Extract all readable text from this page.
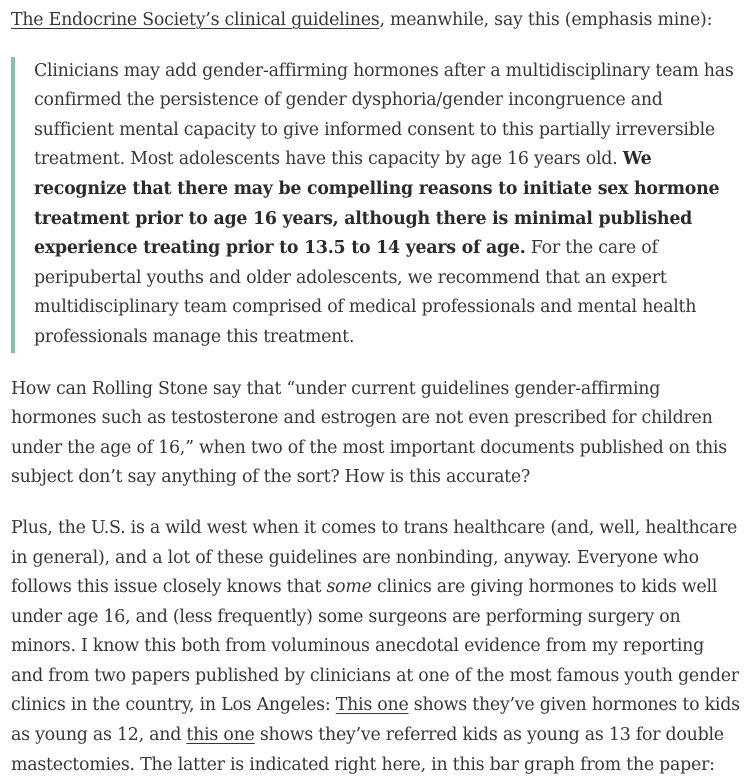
The Endocrine Society’s clinical guidelines, meanwhile, say this (emphasis mine):

Clinicians may add gender-affirming hormones after a multidisciplinary team has confirmed the persistence of gender dysphoria/gender incongruence and sufficient mental capacity to give informed consent to this partially irreversible treatment. Most adolescents have this capacity by age 16 years old. We recognize that there may be compelling reasons to initiate sex hormone treatment prior to age 16 years, although there is minimal published experience treating prior to 13.5 to 14 years of age. For the care of peripubertal youths and older adolescents, we recommend that an expert multidisciplinary team comprised of medical professionals and mental health professionals manage this treatment.

How can Rolling Stone say that “under current guidelines gender-affirming hormones such as testosterone and estrogen are not even prescribed for children under the age of 16,” when two of the most important documents published on this subject don’t say anything of the sort? How is this accurate?

Plus, the U.S. is a wild west when it comes to trans healthcare (and, well, healthcare in general), and a lot of these guidelines are nonbinding, anyway. Everyone who follows this issue closely knows that some clinics are giving hormones to kids well under age 16, and (less frequently) some surgeons are performing surgery on minors. I know this both from voluminous anecdotal evidence from my reporting and from two papers published by clinicians at one of the most famous youth gender clinics in the country, in Los Angeles: This one shows they’ve given hormones to kids as young as 12, and this one shows they’ve referred kids as young as 13 for double mastectomies. The latter is indicated right here, in this bar graph from the paper:
